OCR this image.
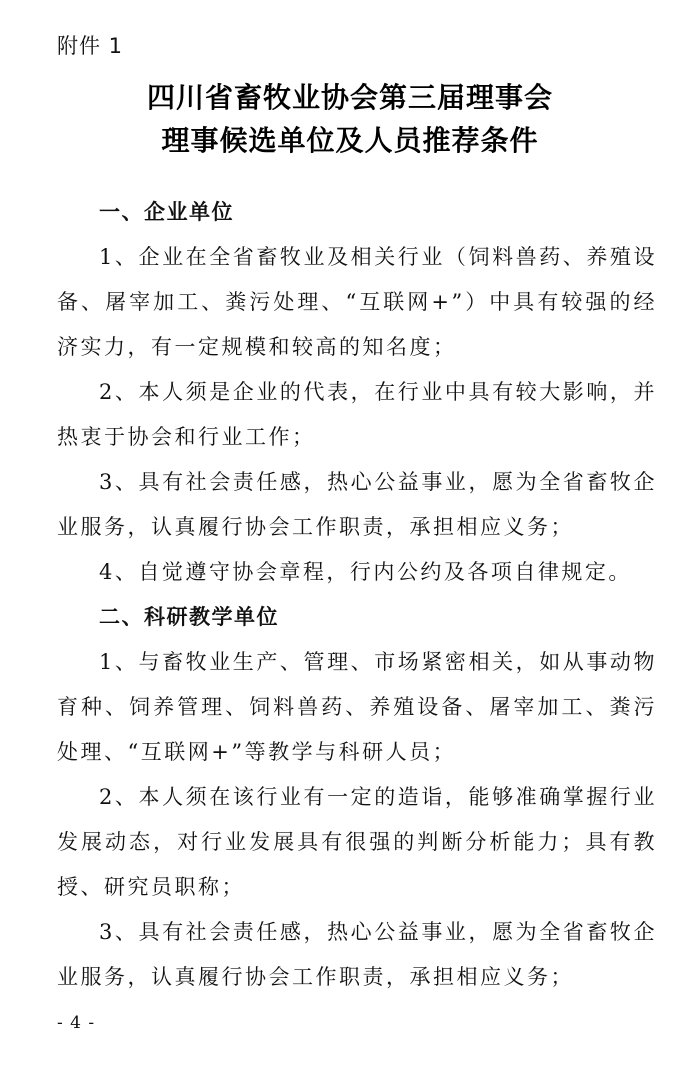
附件 1
四川省畜牧业协会第三届理事会
理事候选单位及人员推荐条件
一、企业单位

1、企业在全省畜牧业及相关行业（饲料兽药、养殖设备、屠宰加工、粪污处理、“互联网+”）中具有较强的经济实力，有一定规模和较高的知名度；

2、本人须是企业的代表，在行业中具有较大影响，并热衷于协会和行业工作；

3、具有社会责任感，热心公益事业，愿为全省畜牧企业服务，认真履行协会工作职责，承担相应义务；

4、自觉遵守协会章程，行内公约及各项自律规定。

二、科研教学单位

1、与畜牧业生产、管理、市场紧密相关，如从事动物育种、饲养管理、饲料兽药、养殖设备、屠宰加工、粪污处理、“互联网+”等教学与科研人员；

2、本人须在该行业有一定的造诣，能够准确掌握行业发展动态，对行业发展具有很强的判断分析能力；具有教授、研究员职称；

3、具有社会责任感，热心公益事业，愿为全省畜牧企业服务，认真履行协会工作职责，承担相应义务；

- 4 -
